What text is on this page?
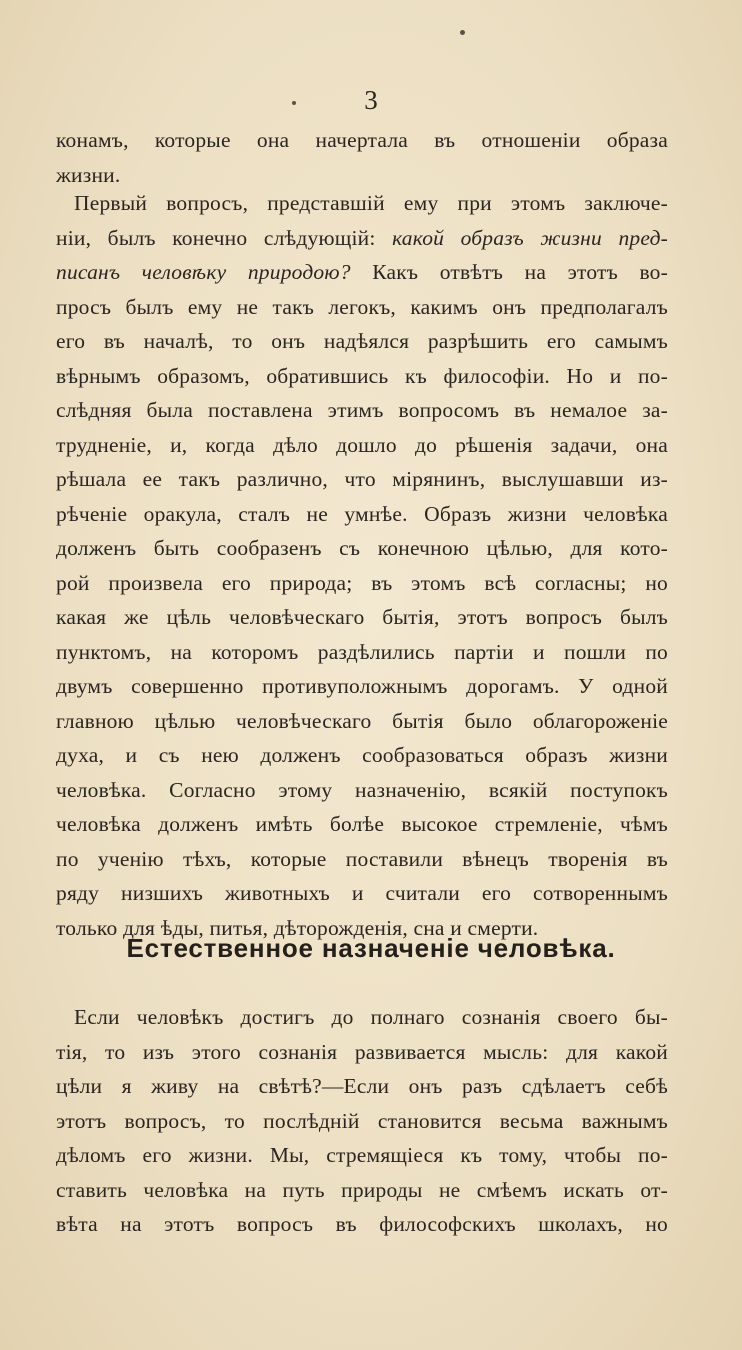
3
конамъ, которые она начертала въ отношенiи образа
жизни.
Первый вопросъ, представшiй ему при этомъ заключе-
нiи, былъ конечно слѣдующiй: какой образъ жизни пред-
писанъ человѣку природою? Какъ отвѣтъ на этотъ во-
просъ былъ ему не такъ легокъ, какимъ онъ предполагалъ
его въ началѣ, то онъ надѣялся разрѣшить его самымъ
вѣрнымъ образомъ, обратившись къ философiи. Но и по-
слѣдняя была поставлена этимъ вопросомъ въ немалое за-
трудненiе, и, когда дѣло дошло до рѣшенiя задачи, она
рѣшала ее такъ различно, что мiрянинъ, выслушавши из-
рѣченiе оракула, сталъ не умнѣе. Образъ жизни человѣка
долженъ быть сообразенъ съ конечною цѣлью, для кото-
рой произвела его природа; въ этомъ всѣ согласны; но
какая же цѣль человѣческаго бытiя, этотъ вопросъ былъ
пунктомъ, на которомъ раздѣлились партiи и пошли по
двумъ совершенно противуположнымъ дорогамъ. У одной
главною цѣлью человѣческаго бытiя было облагороженiе
духа, и съ нею долженъ сообразоваться образъ жизни
человѣка. Согласно этому назначенiю, всякiй поступокъ
человѣка долженъ имѣть болѣе высокое стремленiе, чѣмъ
по ученiю тѣхъ, которые поставили вѣнецъ творенiя въ
ряду низшихъ животныхъ и считали его сотвореннымъ
только для ѣды, питья, дѣторожденiя, сна и смерти.
Естественное назначенiе человѣка.
Если человѣкъ достигъ до полнаго сознанiя своего бы-
тiя, то изъ этого сознанiя развивается мысль: для какой
цѣли я живу на свѣтѣ?—Если онъ разъ сдѣлаетъ себѣ
этотъ вопросъ, то послѣднiй становится весьма важнымъ
дѣломъ его жизни. Мы, стремящiеся къ тому, чтобы по-
ставить человѣка на путь природы не смѣемъ искать от-
вѣта на этотъ вопросъ въ философскихъ школахъ, но
